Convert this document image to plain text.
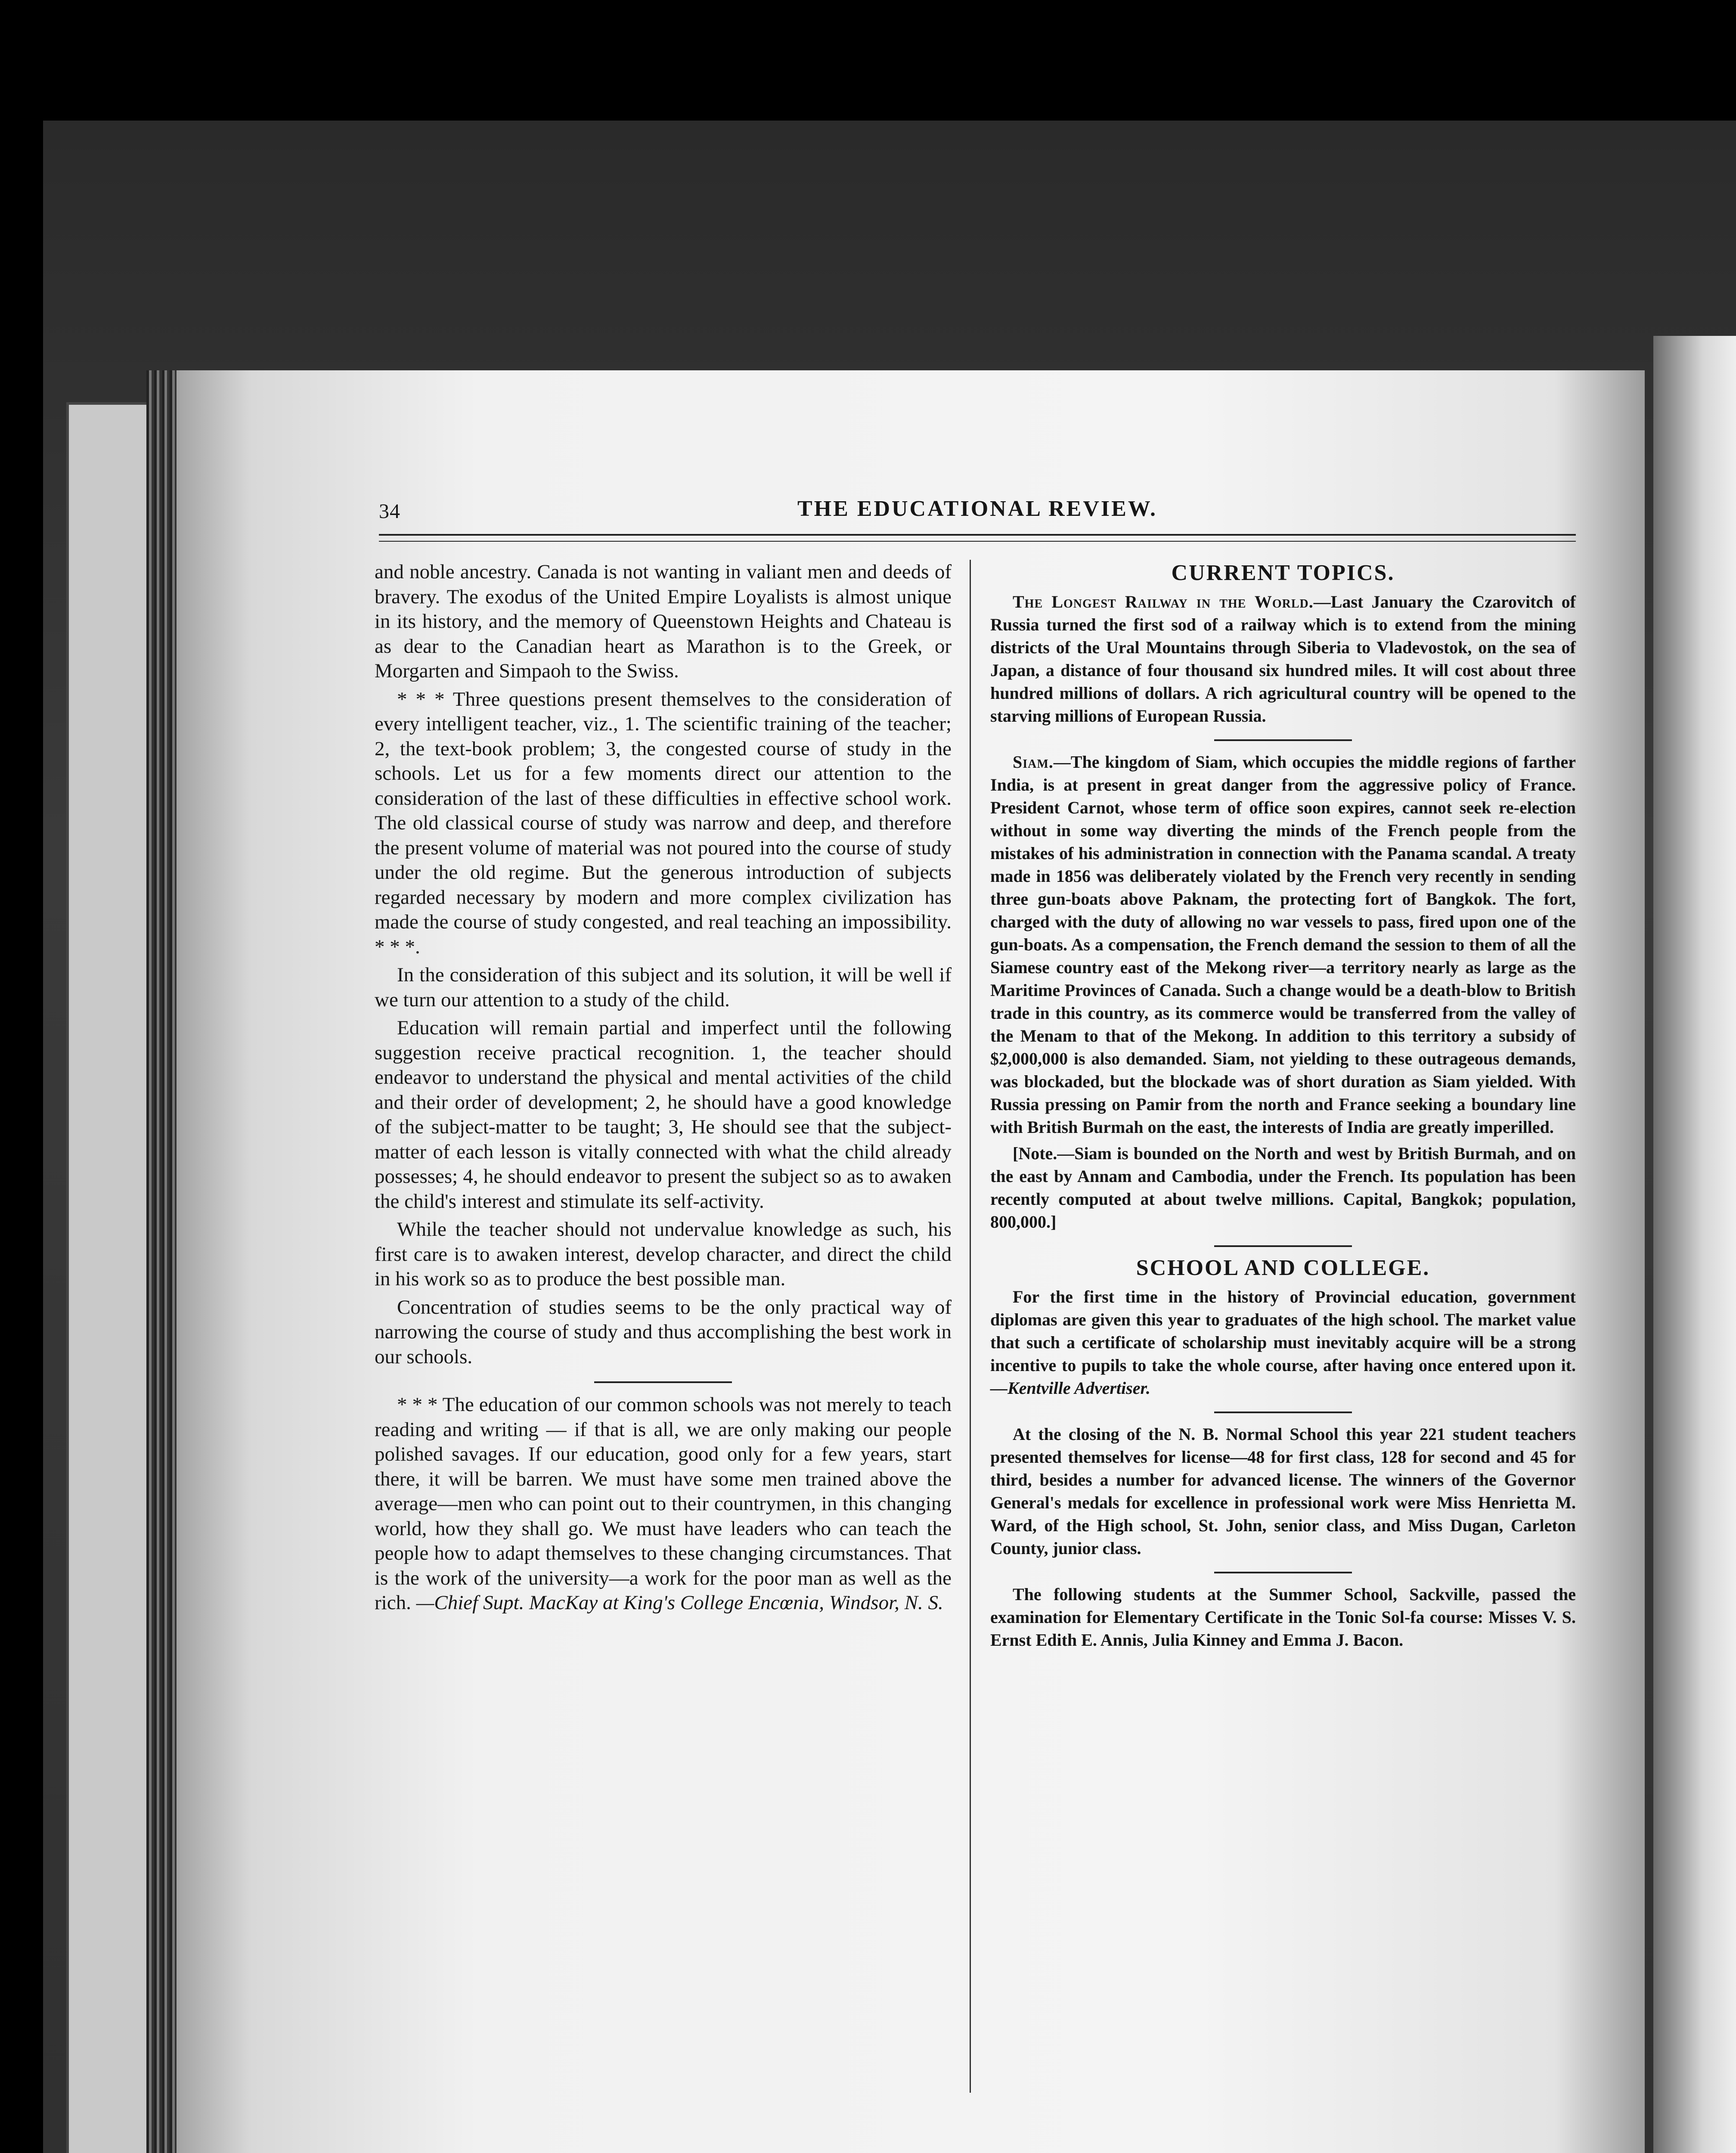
34	THE EDUCATIONAL REVIEW.

and noble ancestry. Canada is not wanting in valiant men and deeds of bravery. The exodus of the United Empire Loyalists is almost unique in its history, and the memory of Queenstown Heights and Chateau is as dear to the Canadian heart as Marathon is to the Greek, or Morgarten and Simpaoh to the Swiss.

* * * Three questions present themselves to the consideration of every intelligent teacher, viz., 1. The scientific training of the teacher; 2, the text-book problem; 3, the congested course of study in the schools. Let us for a few moments direct our attention to the consideration of the last of these difficulties in effective school work. The old classical course of study was narrow and deep, and therefore the present volume of material was not poured into the course of study under the old regime. But the generous introduction of subjects regarded necessary by modern and more complex civilization has made the course of study congested, and real teaching an impossibility. * * *.

In the consideration of this subject and its solution, it will be well if we turn our attention to a study of the child.

Education will remain partial and imperfect until the following suggestion receive practical recognition. 1, the teacher should endeavor to understand the physical and mental activities of the child and their order of development; 2, he should have a good knowledge of the subject-matter to be taught; 3, He should see that the subject-matter of each lesson is vitally connected with what the child already possesses; 4, he should endeavor to present the subject so as to awaken the child's interest and stimulate its self-activity.

While the teacher should not undervalue knowledge as such, his first care is to awaken interest, develop character, and direct the child in his work so as to produce the best possible man.

Concentration of studies seems to be the only practical way of narrowing the course of study and thus accomplishing the best work in our schools.

* * * The education of our common schools was not merely to teach reading and writing — if that is all, we are only making our people polished savages. If our education, good only for a few years, start there, it will be barren. We must have some men trained above the average—men who can point out to their countrymen, in this changing world, how they shall go. We must have leaders who can teach the people how to adapt themselves to these changing circumstances. That is the work of the university—a work for the poor man as well as the rich. —Chief Supt. MacKay at King's College Encœnia, Windsor, N. S.

CURRENT TOPICS.

The Longest Railway in the World.—Last January the Czarovitch of Russia turned the first sod of a railway which is to extend from the mining districts of the Ural Mountains through Siberia to Vladevostok, on the sea of Japan, a distance of four thousand six hundred miles. It will cost about three hundred millions of dollars. A rich agricultural country will be opened to the starving millions of European Russia.

Siam.—The kingdom of Siam, which occupies the middle regions of farther India, is at present in great danger from the aggressive policy of France. President Carnot, whose term of office soon expires, cannot seek re-election without in some way diverting the minds of the French people from the mistakes of his administration in connection with the Panama scandal. A treaty made in 1856 was deliberately violated by the French very recently in sending three gun-boats above Paknam, the protecting fort of Bangkok. The fort, charged with the duty of allowing no war vessels to pass, fired upon one of the gun-boats. As a compensation, the French demand the session to them of all the Siamese country east of the Mekong river—a territory nearly as large as the Maritime Provinces of Canada. Such a change would be a death-blow to British trade in this country, as its commerce would be transferred from the valley of the Menam to that of the Mekong. In addition to this territory a subsidy of $2,000,000 is also demanded. Siam, not yielding to these outrageous demands, was blockaded, but the blockade was of short duration as Siam yielded. With Russia pressing on Pamir from the north and France seeking a boundary line with British Burmah on the east, the interests of India are greatly imperilled.

[Note.—Siam is bounded on the North and west by British Burmah, and on the east by Annam and Cambodia, under the French. Its population has been recently computed at about twelve millions. Capital, Bangkok; population, 800,000.]

SCHOOL AND COLLEGE.

For the first time in the history of Provincial education, government diplomas are given this year to graduates of the high school. The market value that such a certificate of scholarship must inevitably acquire will be a strong incentive to pupils to take the whole course, after having once entered upon it. —Kentville Advertiser.

At the closing of the N. B. Normal School this year 221 student teachers presented themselves for license—48 for first class, 128 for second and 45 for third, besides a number for advanced license. The winners of the Governor General's medals for excellence in professional work were Miss Henrietta M. Ward, of the High school, St. John, senior class, and Miss Dugan, Carleton County, junior class.

The following students at the Summer School, Sackville, passed the examination for Elementary Certificate in the Tonic Sol-fa course: Misses V. S. Ernst Edith E. Annis, Julia Kinney and Emma J. Bacon.
